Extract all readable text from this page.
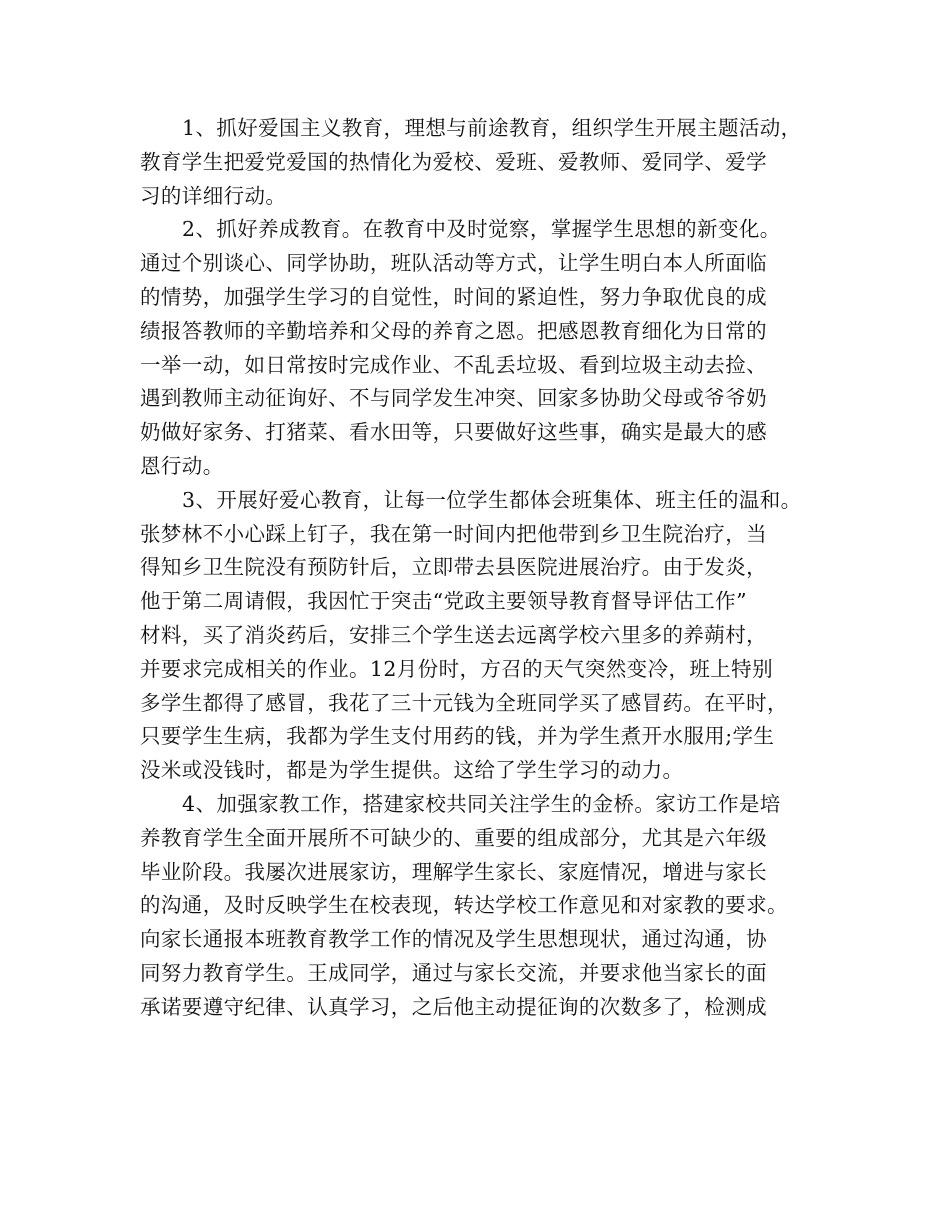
1、抓好爱国主义教育，理想与前途教育，组织学生开展主题活动，
教育学生把爱党爱国的热情化为爱校、爱班、爱教师、爱同学、爱学
习的详细行动。
2、抓好养成教育。在教育中及时觉察，掌握学生思想的新变化。
通过个别谈心、同学协助，班队活动等方式，让学生明白本人所面临
的情势，加强学生学习的自觉性，时间的紧迫性，努力争取优良的成
绩报答教师的辛勤培养和父母的养育之恩。把感恩教育细化为日常的
一举一动，如日常按时完成作业、不乱丢垃圾、看到垃圾主动去捡、
遇到教师主动征询好、不与同学发生冲突、回家多协助父母或爷爷奶
奶做好家务、打猪菜、看水田等，只要做好这些事，确实是最大的感
恩行动。
3、开展好爱心教育，让每一位学生都体会班集体、班主任的温和。
张梦林不小心踩上钉子，我在第一时间内把他带到乡卫生院治疗，当
得知乡卫生院没有预防针后，立即带去县医院进展治疗。由于发炎，
他于第二周请假，我因忙于突击“党政主要领导教育督导评估工作”
材料，买了消炎药后，安排三个学生送去远离学校六里多的养蒴村，
并要求完成相关的作业。12月份时，方召的天气突然变冷，班上特别
多学生都得了感冒，我花了三十元钱为全班同学买了感冒药。在平时，
只要学生生病，我都为学生支付用药的钱，并为学生煮开水服用;学生
没米或没钱时，都是为学生提供。这给了学生学习的动力。
4、加强家教工作，搭建家校共同关注学生的金桥。家访工作是培
养教育学生全面开展所不可缺少的、重要的组成部分，尤其是六年级
毕业阶段。我屡次进展家访，理解学生家长、家庭情况，增进与家长
的沟通，及时反映学生在校表现，转达学校工作意见和对家教的要求。
向家长通报本班教育教学工作的情况及学生思想现状，通过沟通，协
同努力教育学生。王成同学，通过与家长交流，并要求他当家长的面
承诺要遵守纪律、认真学习，之后他主动提征询的次数多了，检测成
